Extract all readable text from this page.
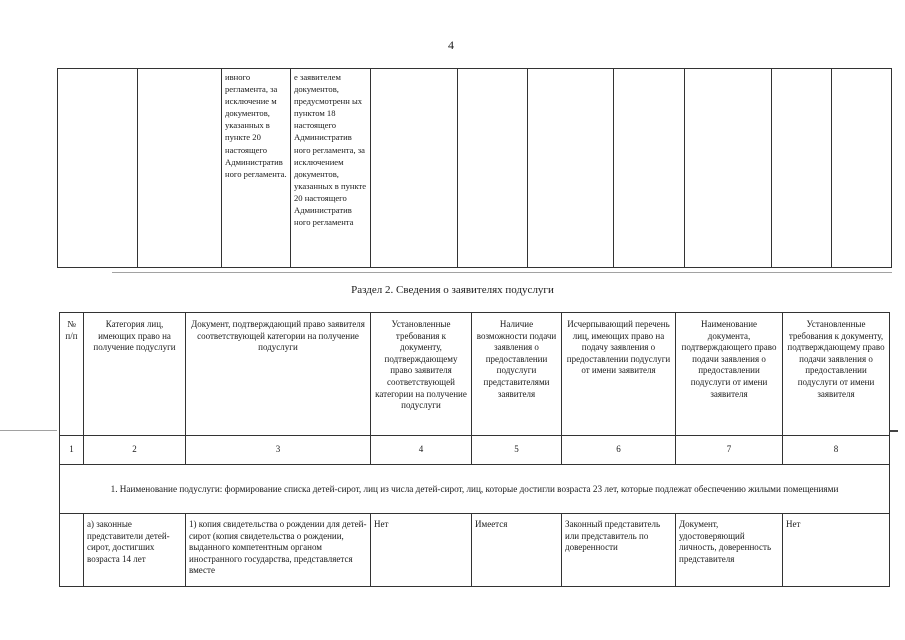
4
		ивного регламента, за исключение м документов, указанных в пункте 20 настоящего Административ ного регламента.	е заявителем документов, предусмотренн ых пунктом 18 настоящего Административ ного регламента, за исключением документов, указанных в пункте 20 настоящего Административ ного регламента							
Раздел 2. Сведения о заявителях подуслуги
№ п/п	Категория лиц, имеющих право на получение подуслуги	Документ, подтверждающий право заявителя соответствующей категории на получение подуслуги	Установленные требования к документу, подтверждающему право заявителя соответствующей категории на получение подуслуги	Наличие возможности подачи заявления о предоставлении подуслуги представителями заявителя	Исчерпывающий перечень лиц, имеющих право на подачу заявления о предоставлении подуслуги от имени заявителя	Наименование документа, подтверждающего право подачи заявления о предоставлении подуслуги от имени заявителя	Установленные требования к документу, подтверждающему право подачи заявления о предоставлении подуслуги от имени заявителя
1	2	3	4	5	6	7	8
1. Наименование подуслуги: формирование списка детей-сирот, лиц из числа детей-сирот, лиц, которые достигли возраста 23 лет, которые подлежат обеспечению жилыми помещениями							
	а) законные представители детей-сирот, достигших возраста 14 лет	1) копия свидетельства о рождении для детей-сирот (копия свидетельства о рождении, выданного компетентным органом иностранного государства, представляется вместе	Нет	Имеется	Законный представитель или представитель по доверенности	Документ, удостоверяющий личность, доверенность представителя	Нет
